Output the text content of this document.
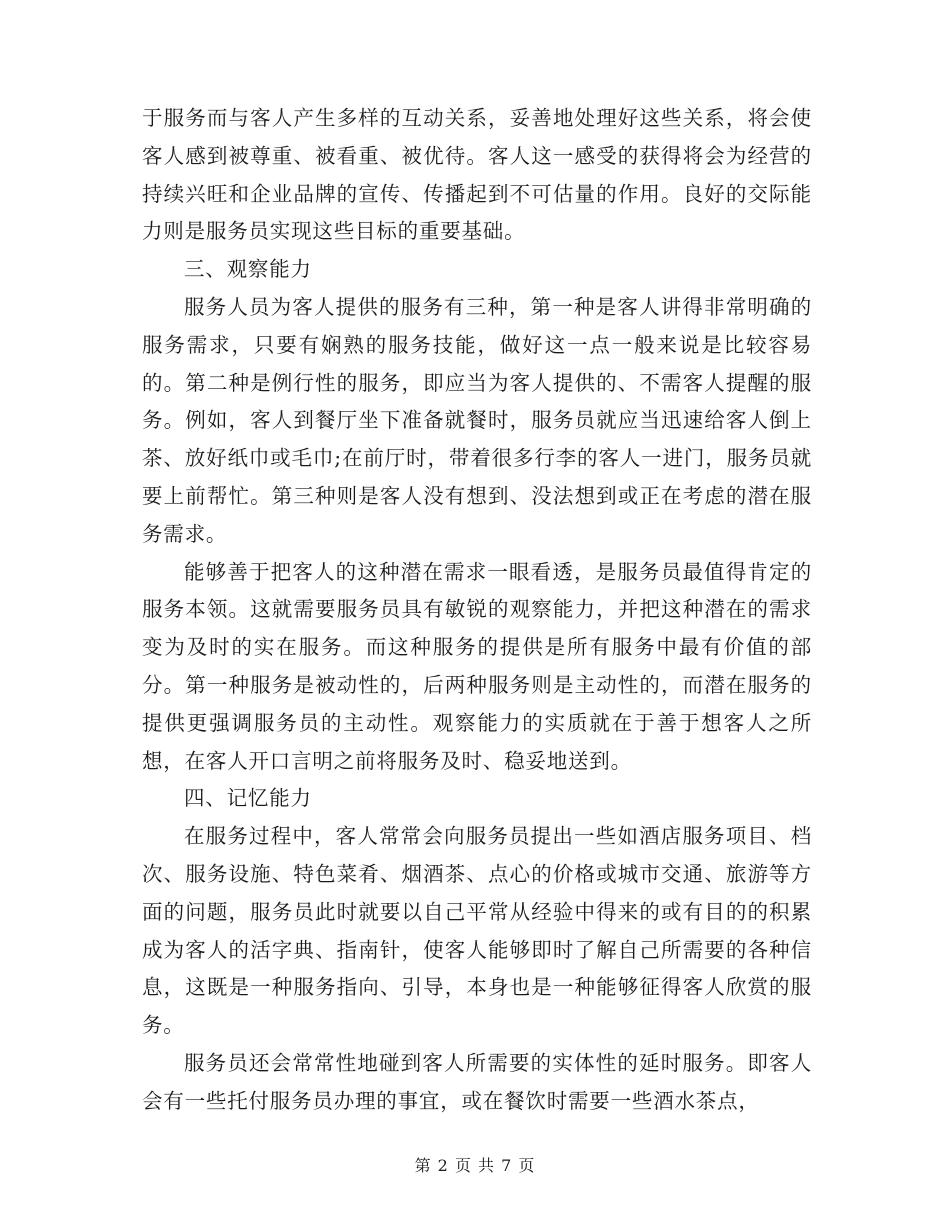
于服务而与客人产生多样的互动关系，妥善地处理好这些关系，将会使客人感到被尊重、被看重、被优待。客人这一感受的获得将会为经营的持续兴旺和企业品牌的宣传、传播起到不可估量的作用。良好的交际能力则是服务员实现这些目标的重要基础。

三、观察能力

服务人员为客人提供的服务有三种，第一种是客人讲得非常明确的服务需求，只要有娴熟的服务技能，做好这一点一般来说是比较容易的。第二种是例行性的服务，即应当为客人提供的、不需客人提醒的服务。例如，客人到餐厅坐下准备就餐时，服务员就应当迅速给客人倒上茶、放好纸巾或毛巾;在前厅时，带着很多行李的客人一进门，服务员就要上前帮忙。第三种则是客人没有想到、没法想到或正在考虑的潜在服务需求。

能够善于把客人的这种潜在需求一眼看透，是服务员最值得肯定的服务本领。这就需要服务员具有敏锐的观察能力，并把这种潜在的需求变为及时的实在服务。而这种服务的提供是所有服务中最有价值的部分。第一种服务是被动性的，后两种服务则是主动性的，而潜在服务的提供更强调服务员的主动性。观察能力的实质就在于善于想客人之所想，在客人开口言明之前将服务及时、稳妥地送到。

四、记忆能力

在服务过程中，客人常常会向服务员提出一些如酒店服务项目、档次、服务设施、特色菜肴、烟酒茶、点心的价格或城市交通、旅游等方面的问题，服务员此时就要以自己平常从经验中得来的或有目的的积累成为客人的活字典、指南针，使客人能够即时了解自己所需要的各种信息，这既是一种服务指向、引导，本身也是一种能够征得客人欣赏的服务。

服务员还会常常性地碰到客人所需要的实体性的延时服务。即客人会有一些托付服务员办理的事宜，或在餐饮时需要一些酒水茶点，

第 2 页 共 7 页
